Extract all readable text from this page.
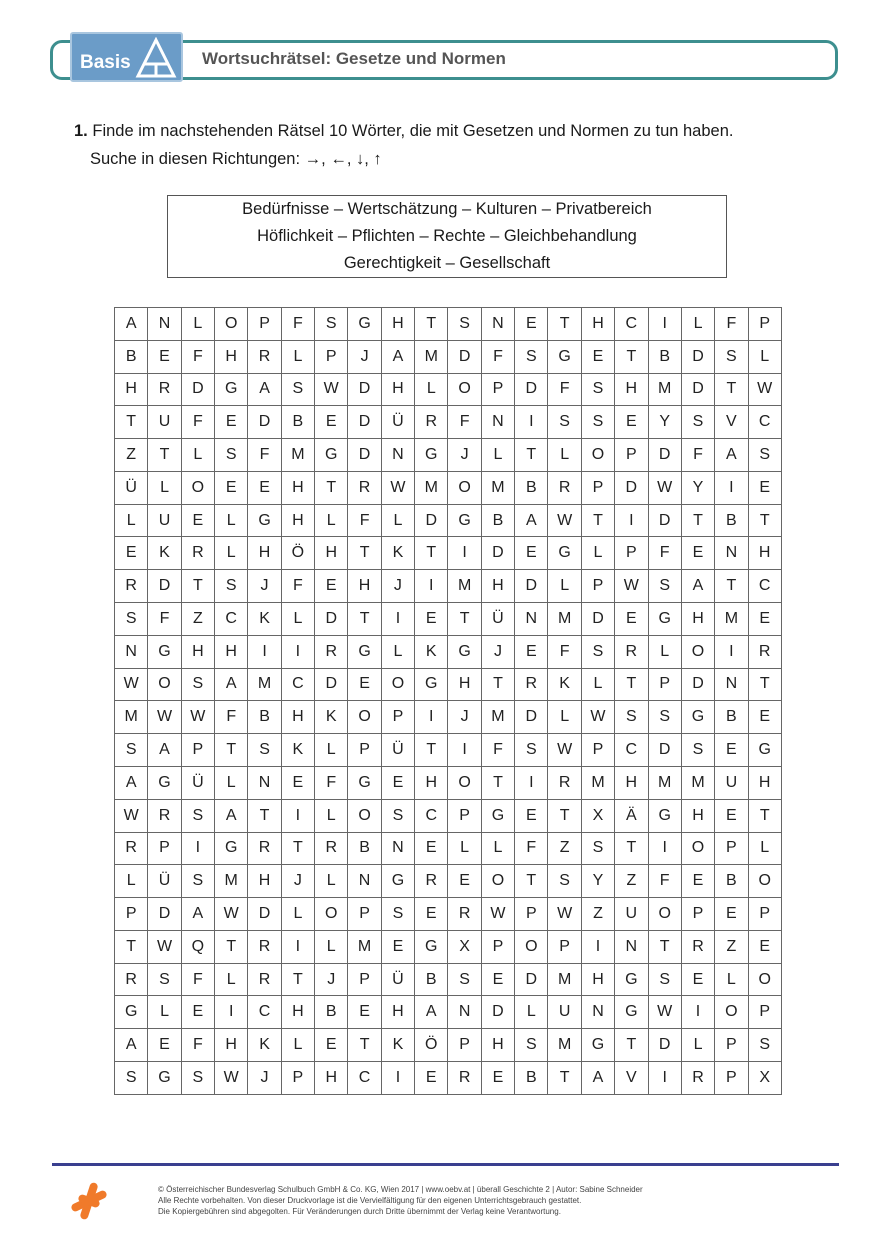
Basis	Wortsuchrätsel: Gesetze und Normen
1. Finde im nachstehenden Rätsel 10 Wörter, die mit Gesetzen und Normen zu tun haben.
Suche in diesen Richtungen: →, ←, ↓, ↑
Bedürfnisse – Wertschätzung – Kulturen – Privatbereich
Höflichkeit – Pflichten – Rechte – Gleichbehandlung
Gerechtigkeit – Gesellschaft
A	N	L	O	P	F	S	G	H	T	S	N	E	T	H	C	I	L	F	P
B	E	F	H	R	L	P	J	A	M	D	F	S	G	E	T	B	D	S	L
H	R	D	G	A	S	W	D	H	L	O	P	D	F	S	H	M	D	T	W
T	U	F	E	D	B	E	D	Ü	R	F	N	I	S	S	E	Y	S	V	C
Z	T	L	S	F	M	G	D	N	G	J	L	T	L	O	P	D	F	A	S
Ü	L	O	E	E	H	T	R	W	M	O	M	B	R	P	D	W	Y	I	E
L	U	E	L	G	H	L	F	L	D	G	B	A	W	T	I	D	T	B	T
E	K	R	L	H	Ö	H	T	K	T	I	D	E	G	L	P	F	E	N	H
R	D	T	S	J	F	E	H	J	I	M	H	D	L	P	W	S	A	T	C
S	F	Z	C	K	L	D	T	I	E	T	Ü	N	M	D	E	G	H	M	E
N	G	H	H	I	I	R	G	L	K	G	J	E	F	S	R	L	O	I	R
W	O	S	A	M	C	D	E	O	G	H	T	R	K	L	T	P	D	N	T
M	W	W	F	B	H	K	O	P	I	J	M	D	L	W	S	S	G	B	E
S	A	P	T	S	K	L	P	Ü	T	I	F	S	W	P	C	D	S	E	G
A	G	Ü	L	N	E	F	G	E	H	O	T	I	R	M	H	M	M	U	H
W	R	S	A	T	I	L	O	S	C	P	G	E	T	X	Ä	G	H	E	T
R	P	I	G	R	T	R	B	N	E	L	L	F	Z	S	T	I	O	P	L
L	Ü	S	M	H	J	L	N	G	R	E	O	T	S	Y	Z	F	E	B	O
P	D	A	W	D	L	O	P	S	E	R	W	P	W	Z	U	O	P	E	P
T	W	Q	T	R	I	L	M	E	G	X	P	O	P	I	N	T	R	Z	E
R	S	F	L	R	T	J	P	Ü	B	S	E	D	M	H	G	S	E	L	O
G	L	E	I	C	H	B	E	H	A	N	D	L	U	N	G	W	I	O	P
A	E	F	H	K	L	E	T	K	Ö	P	H	S	M	G	T	D	L	P	S
S	G	S	W	J	P	H	C	I	E	R	E	B	T	A	V	I	R	P	X
© Österreichischer Bundesverlag Schulbuch GmbH & Co. KG, Wien 2017 | www.oebv.at | überall Geschichte 2 | Autor: Sabine Schneider
Alle Rechte vorbehalten. Von dieser Druckvorlage ist die Vervielfältigung für den eigenen Unterrichtsgebrauch gestattet.
Die Kopiergebühren sind abgegolten. Für Veränderungen durch Dritte übernimmt der Verlag keine Verantwortung.
